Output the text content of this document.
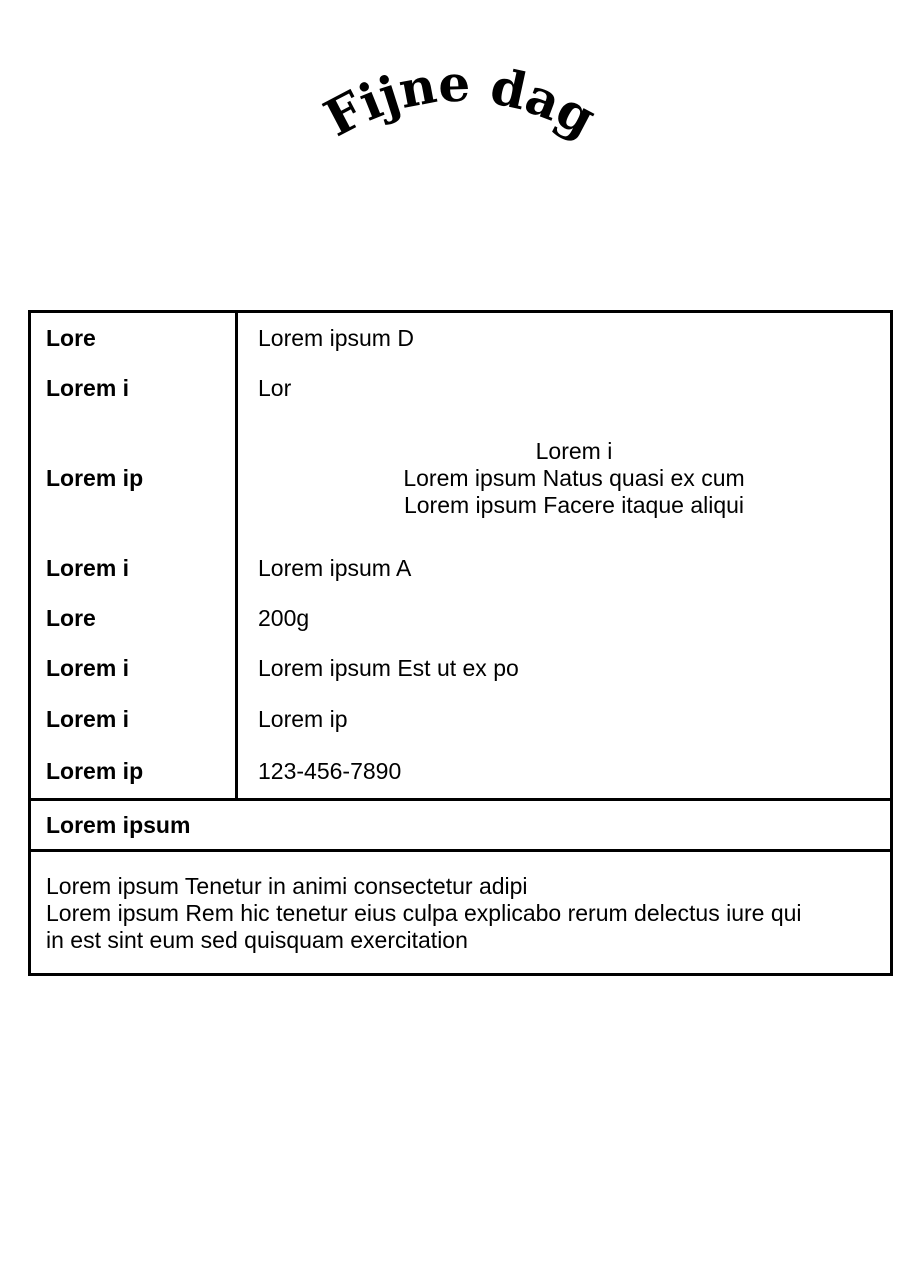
Fijne dag
Lore
Lorem i
Lorem ip
Lorem i
Lore
Lorem i
Lorem i
Lorem ip
Lorem ipsum D
Lor
Lorem i
Lorem ipsum Natus quasi ex cum
Lorem ipsum Facere itaque aliqui
Lorem ipsum A
200g
Lorem ipsum Est ut ex po
Lorem ip
123-456-7890
Lorem ipsum
Lorem ipsum Tenetur in animi consectetur adipi
Lorem ipsum Rem hic tenetur eius culpa explicabo rerum delectus iure qui
in est sint eum sed quisquam exercitation
